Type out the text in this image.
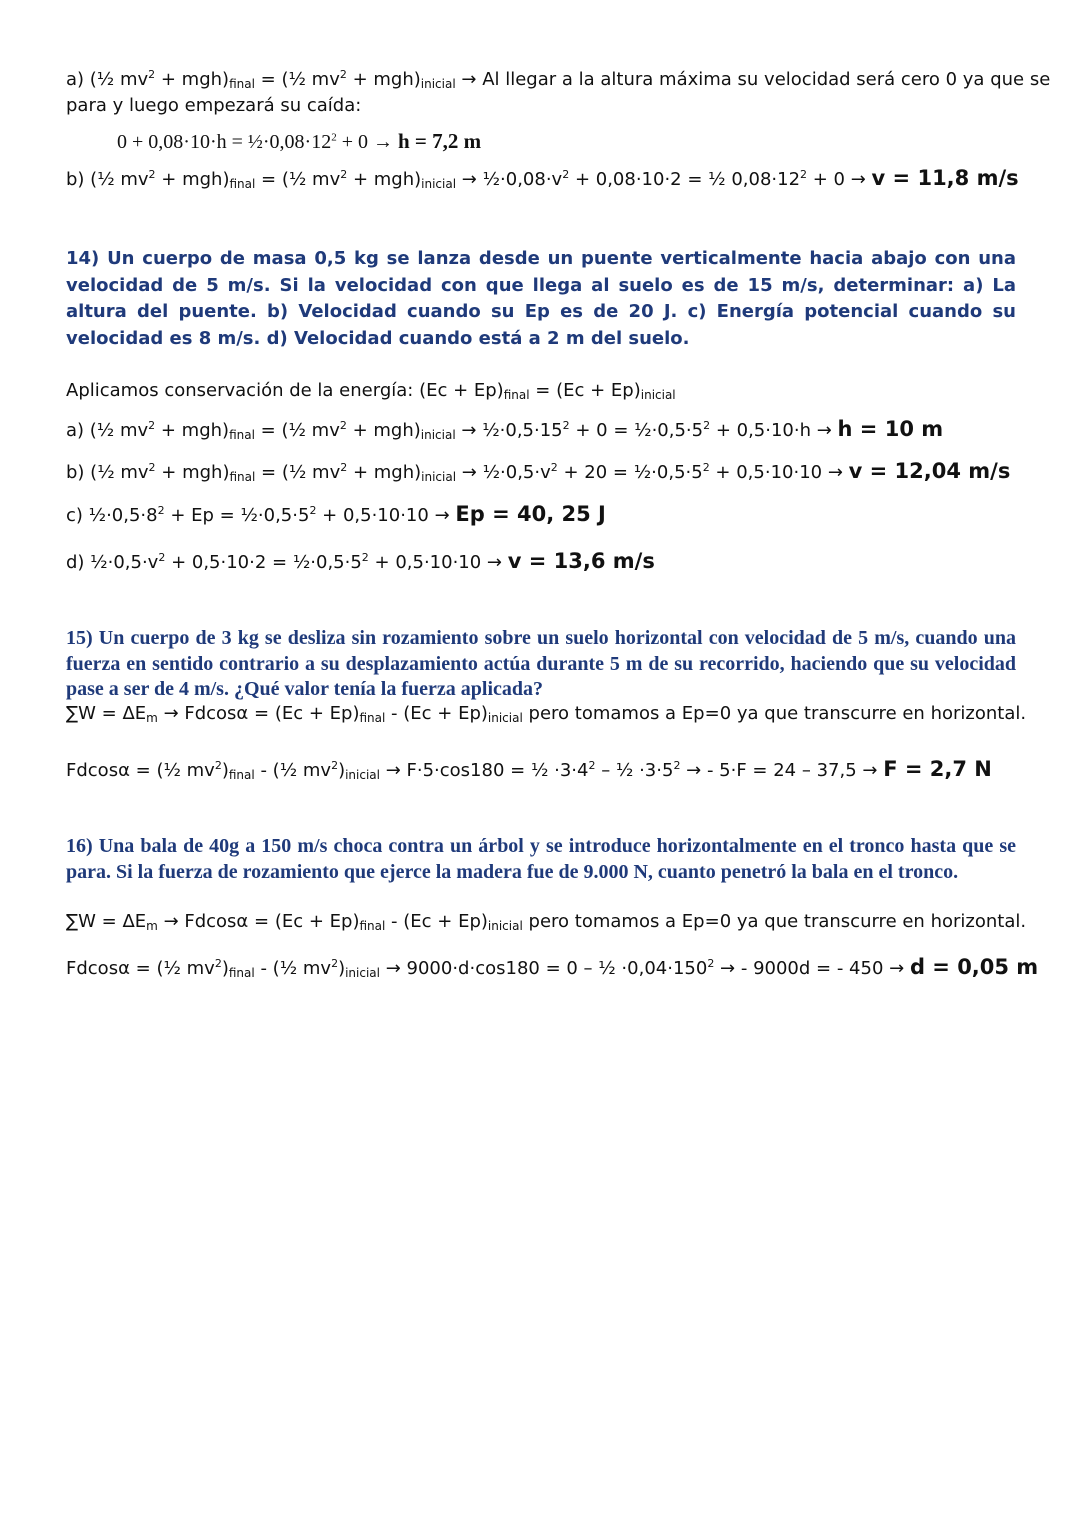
a) (½ $mv^2 + mgh)_{final}$ = (½ $mv^2 + mgh)_{inicial} \to Al$ llegar a la altura máxima su velocidad será cero 0 ya que se
para y luego empezará su caída:
$0 + 0,08\cdot 10\cdot h = \frac{1}{2}\cdot 0,08\cdot 12^2 + 0 \to h = 7,2$ m
b) (½ $mv^2 + mgh)_{final}$ = (½ $mv^2 + mgh)_{inicial}$ → $\frac{1}{2}\cdot 0,08\cdot v^2 + 0,08\cdot 10\cdot 2$ = ½ $0,08\cdot 12^2 + 0 \to v = 11,8$ m/s
14) Un cuerpo de masa 0,5 kg se lanza desde un puente verticalmente hacia abajo con una velocidad de 5 m/s. Si la velocidad con que llega al suelo es de 15 m/s, determinar: a) La altura del puente. b) Velocidad cuando su Ep es de 20 J. c) Energía potencial cuando su velocidad es 8 m/s. d) Velocidad cuando está a 2 m del suelo.
Aplicamos conservación de la energía: $(Ec + Ep)_{final} = (Ec + Ep)_{inicial}$
a) (½ $mv^2 + mgh)_{final}$ = (½ $mv^2 + mgh)_{inicial}$ → $\frac{1}{2}\cdot 0,5\cdot 15^2 + 0$ = $\frac{1}{2}\cdot 0,5\cdot 5^2 + 0,5\cdot 10\cdot h \to h = 10$ m
b) (½ $mv^2 + mgh)_{final}$ = (½ $mv^2 + mgh)_{inicial}$ → $\frac{1}{2}\cdot 0,5\cdot v^2 + 20$ = $\frac{1}{2}\cdot 0,5\cdot 5^2 + 0,5\cdot 10\cdot 10 \to v = 12,04$ m/s
c) $\frac{1}{2}\cdot 0,5\cdot 8^2 + Ep$ = $\frac{1}{2}\cdot 0,5\cdot 5^2 + 0,5\cdot 10\cdot 10 \to Ep = 40$, 25 J
d) $\frac{1}{2}\cdot 0,5\cdot v^2 + 0,5\cdot 10\cdot 2$ = $\frac{1}{2}\cdot 0,5\cdot 5^2 + 0,5\cdot 10\cdot 10 \to v = 13,6$ m/s
15) Un cuerpo de 3 kg se desliza sin rozamiento sobre un suelo horizontal con velocidad de 5 m/s, cuando una fuerza en sentido contrario a su desplazamiento actúa durante 5 m de su recorrido, haciendo que su velocidad pase a ser de 4 m/s. ¿Qué valor tenía la fuerza aplicada?
$\sum W = \Delta E_m \to Fdcos\alpha = (Ec + Ep)_{final} - (Ec + Ep)_{inicial}$ pero tomamos a Ep=0 ya que transcurre en horizontal.
Fdcosα = (½ $mv^2)_{final}$ - (½ $mv^2)_{inicial} \to F\cdot 5\cdot\cos 180$ = ½ $\cdot 3\cdot 4^2$ – ½ $\cdot 3\cdot 5^2$ → - 5·F = 24 – 37,5 → F = 2,7 N
16) Una bala de 40g a 150 m/s choca contra un árbol y se introduce horizontalmente en el tronco hasta que se para. Si la fuerza de rozamiento que ejerce la madera fue de 9.000 N, cuanto penetró la bala en el tronco.
$\sum W = \Delta E_m \to Fdcos\alpha = (Ec + Ep)_{final} - (Ec + Ep)_{inicial}$ pero tomamos a Ep=0 ya que transcurre en horizontal.
Fdcosα = (½ $mv^2)_{final}$ - (½ $mv^2)_{inicial} \to 9000\cdot d\cdot\cos 180 = 0$ – ½ $\cdot 0,04\cdot 150^2$ → - 9000d = - 450 → d = 0,05 m
